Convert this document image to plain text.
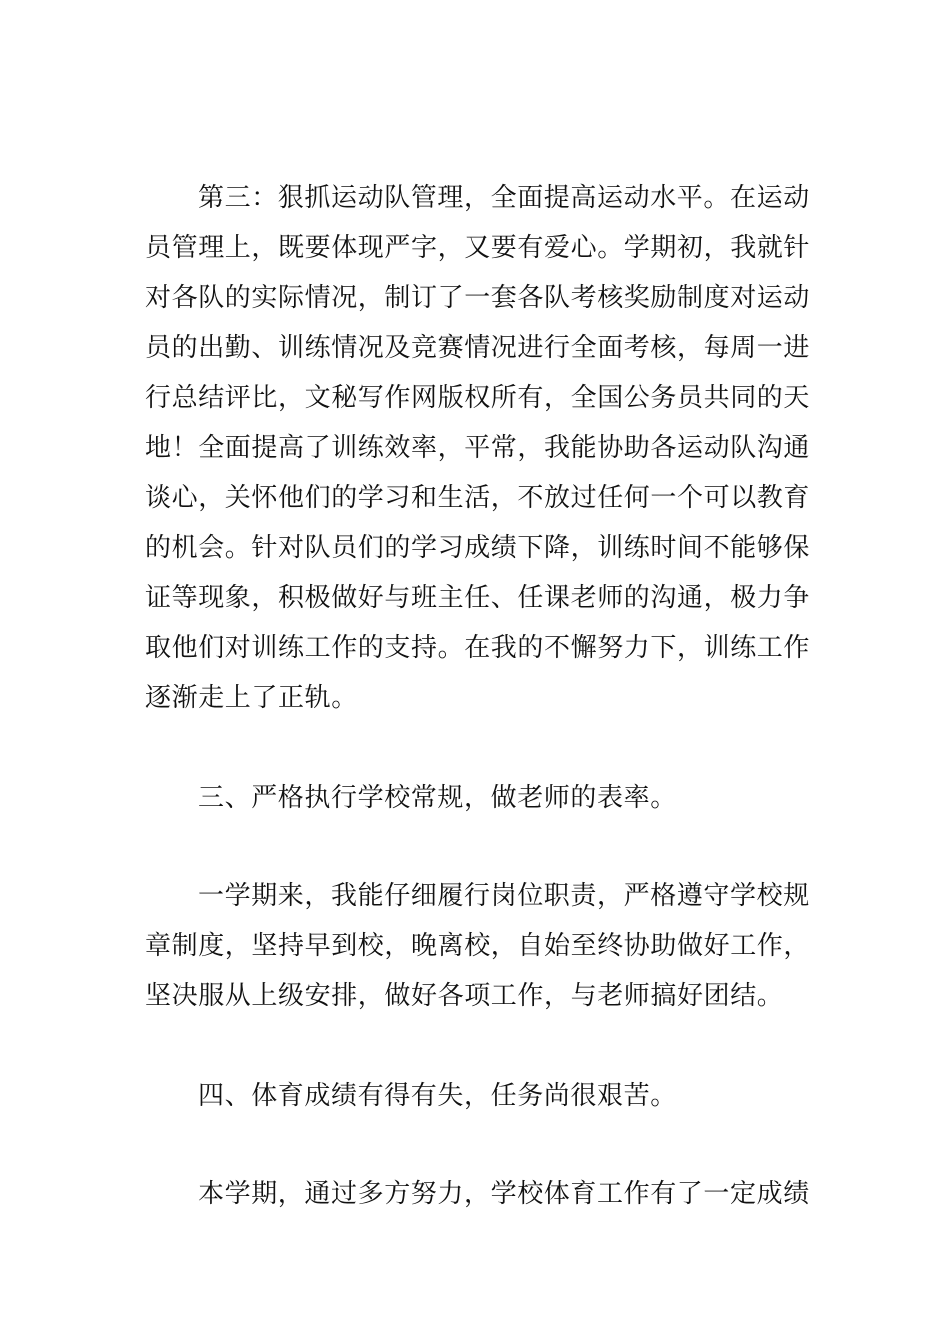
第三：狠抓运动队管理，全面提高运动水平。在运动
员管理上，既要体现严字，又要有爱心。学期初，我就针
对各队的实际情况，制订了一套各队考核奖励制度对运动
员的出勤、训练情况及竞赛情况进行全面考核，每周一进
行总结评比，文秘写作网版权所有，全国公务员共同的天
地！全面提高了训练效率，平常，我能协助各运动队沟通
谈心，关怀他们的学习和生活，不放过任何一个可以教育
的机会。针对队员们的学习成绩下降，训练时间不能够保
证等现象，积极做好与班主任、任课老师的沟通，极力争
取他们对训练工作的支持。在我的不懈努力下，训练工作
逐渐走上了正轨。
三、严格执行学校常规，做老师的表率。
一学期来，我能仔细履行岗位职责，严格遵守学校规
章制度，坚持早到校，晚离校，自始至终协助做好工作，
坚决服从上级安排，做好各项工作，与老师搞好团结。
四、体育成绩有得有失，任务尚很艰苦。
本学期，通过多方努力，学校体育工作有了一定成绩
